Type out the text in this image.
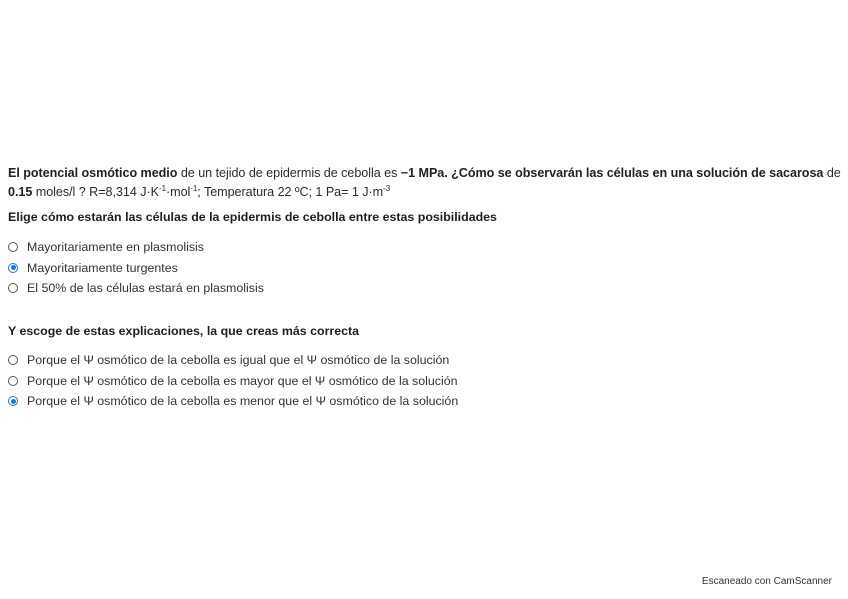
El potencial osmótico medio de un tejido de epidermis de cebolla es −1 MPa. ¿Cómo se observarán las células en una solución de sacarosa de 0.15 moles/l ? R=8,314 $J\cdot K^{-1}\cdot mol^{-1}$; Temperatura 22 ºC; 1 Pa= 1 $J\cdot m^{-3}$
Elige cómo estarán las células de la epidermis de cebolla entre estas posibilidades
Mayoritariamente en plasmolisis
Mayoritariamente turgentes
El 50% de las células estará en plasmolisis
Y escoge de estas explicaciones, la que creas más correcta
Porque el Ψ osmótico de la cebolla es igual que el Ψ osmótico de la solución
Porque el Ψ osmótico de la cebolla es mayor que el Ψ osmótico de la solución
Porque el Ψ osmótico de la cebolla es menor que el Ψ osmótico de la solución
Escaneado con CamScanner
